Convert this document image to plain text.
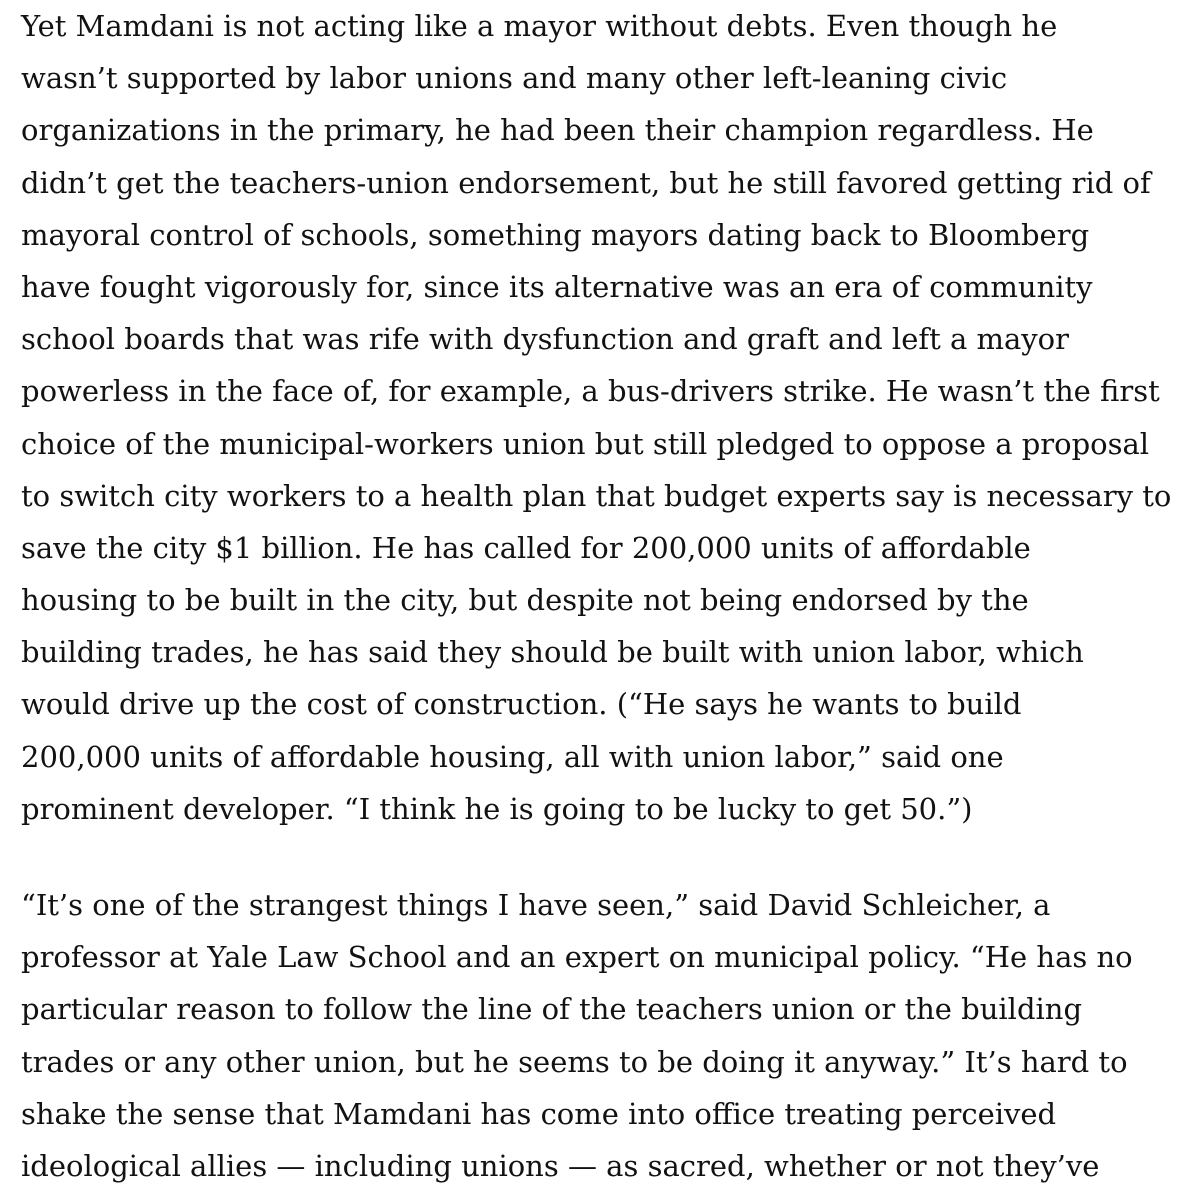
Yet Mamdani is not acting like a mayor without debts. Even though he
wasn’t supported by labor unions and many other left-leaning civic
organizations in the primary, he had been their champion regardless. He
didn’t get the teachers-union endorsement, but he still favored getting rid of
mayoral control of schools, something mayors dating back to Bloomberg
have fought vigorously for, since its alternative was an era of community
school boards that was rife with dysfunction and graft and left a mayor
powerless in the face of, for example, a bus-drivers strike. He wasn’t the first
choice of the municipal-workers union but still pledged to oppose a proposal
to switch city workers to a health plan that budget experts say is necessary to
save the city $1 billion. He has called for 200,000 units of affordable
housing to be built in the city, but despite not being endorsed by the
building trades, he has said they should be built with union labor, which
would drive up the cost of construction. (“He says he wants to build
200,000 units of affordable housing, all with union labor,” said one
prominent developer. “I think he is going to be lucky to get 50.”)

“It’s one of the strangest things I have seen,” said David Schleicher, a
professor at Yale Law School and an expert on municipal policy. “He has no
particular reason to follow the line of the teachers union or the building
trades or any other union, but he seems to be doing it anyway.” It’s hard to
shake the sense that Mamdani has come into office treating perceived
ideological allies — including unions — as sacred, whether or not they’ve
